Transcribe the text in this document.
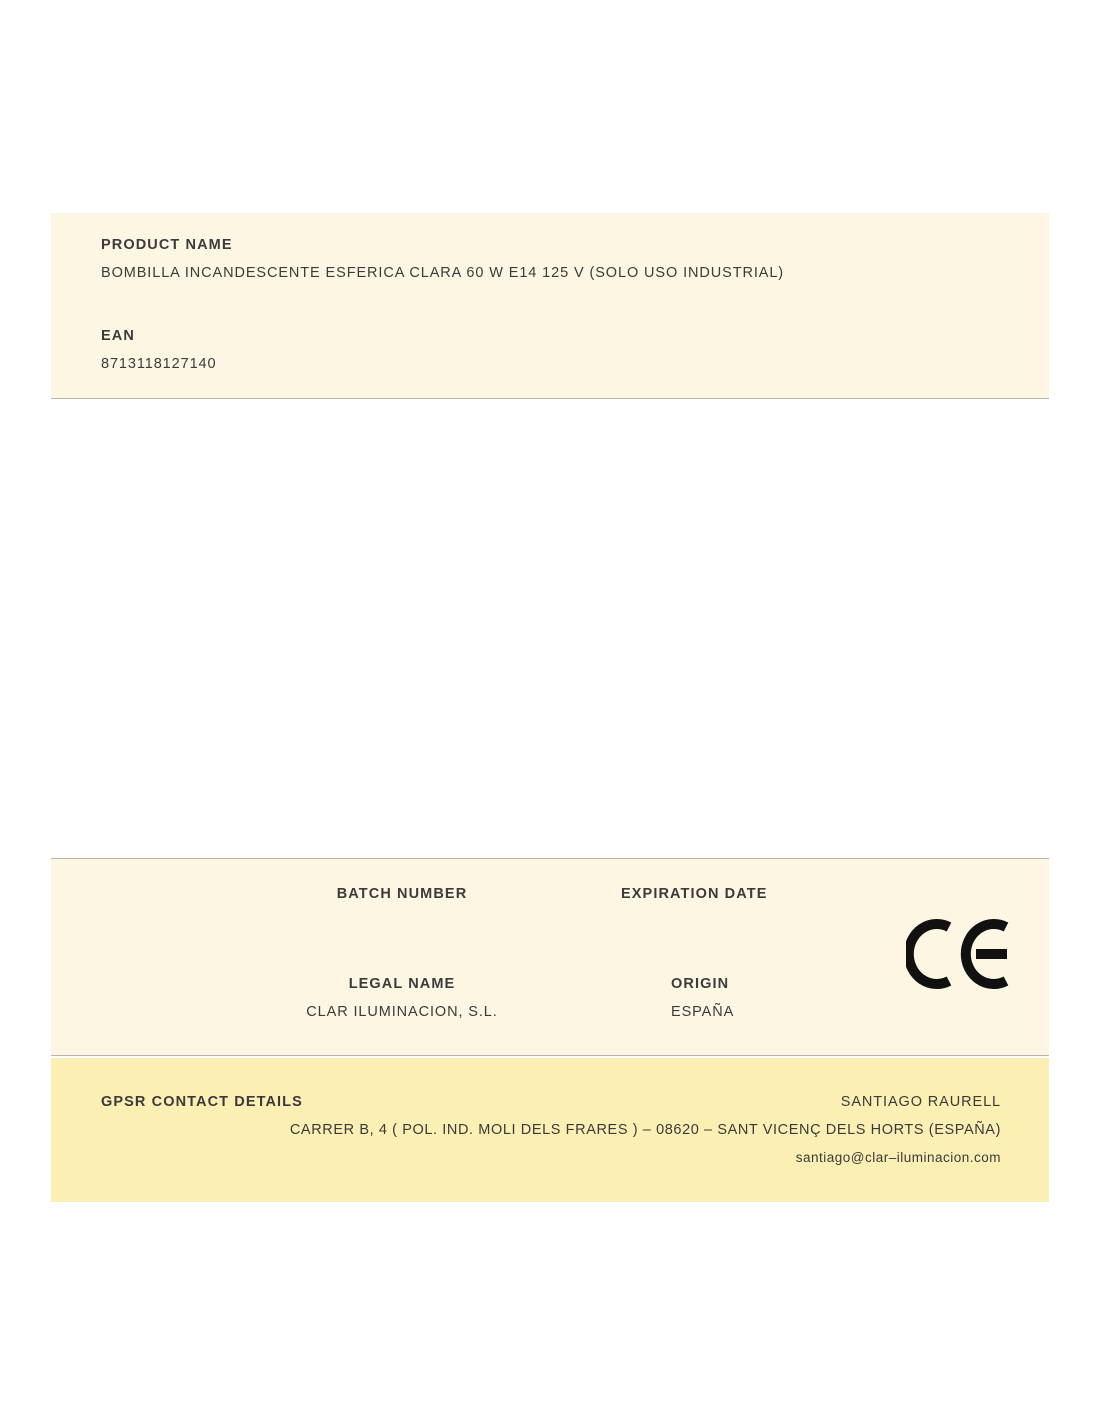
PRODUCT NAME
BOMBILLA INCANDESCENTE ESFERICA CLARA 60 W E14 125 V (SOLO USO INDUSTRIAL)
EAN
8713118127140
BATCH NUMBER	EXPIRATION DATE
LEGAL NAME
CLAR ILUMINACION, S.L.
ORIGIN
ESPAÑA
GPSR CONTACT DETAILS	SANTIAGO RAURELL
CARRER B, 4 ( POL. IND. MOLI DELS FRARES ) – 08620 – SANT VICENÇ DELS HORTS (ESPAÑA)
santiago@clar–iluminacion.com
